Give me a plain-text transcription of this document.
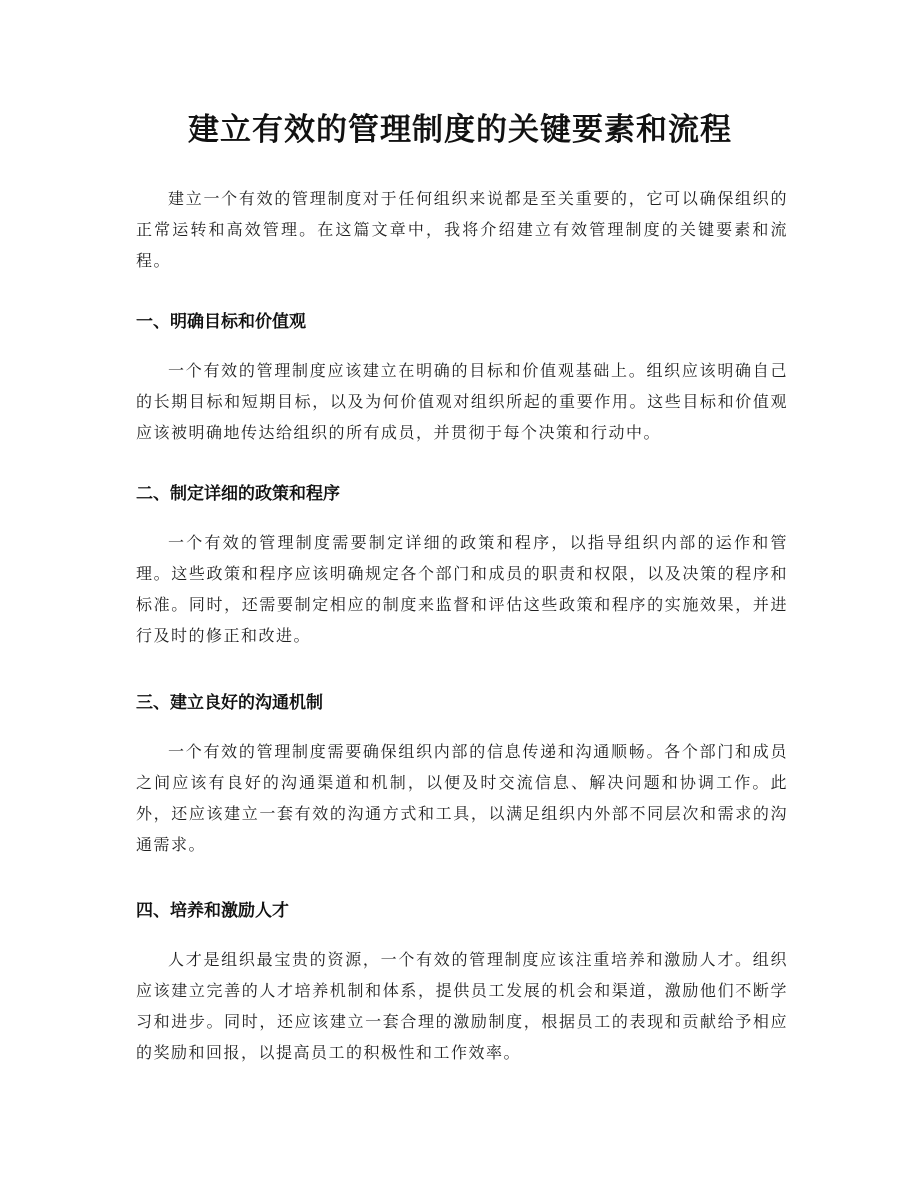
建立有效的管理制度的关键要素和流程
建立一个有效的管理制度对于任何组织来说都是至关重要的，它可以确保组织的正常运转和高效管理。在这篇文章中，我将介绍建立有效管理制度的关键要素和流程。
一、明确目标和价值观
一个有效的管理制度应该建立在明确的目标和价值观基础上。组织应该明确自己的长期目标和短期目标，以及为何价值观对组织所起的重要作用。这些目标和价值观应该被明确地传达给组织的所有成员，并贯彻于每个决策和行动中。
二、制定详细的政策和程序
一个有效的管理制度需要制定详细的政策和程序，以指导组织内部的运作和管理。这些政策和程序应该明确规定各个部门和成员的职责和权限，以及决策的程序和标准。同时，还需要制定相应的制度来监督和评估这些政策和程序的实施效果，并进行及时的修正和改进。
三、建立良好的沟通机制
一个有效的管理制度需要确保组织内部的信息传递和沟通顺畅。各个部门和成员之间应该有良好的沟通渠道和机制，以便及时交流信息、解决问题和协调工作。此外，还应该建立一套有效的沟通方式和工具，以满足组织内外部不同层次和需求的沟通需求。
四、培养和激励人才
人才是组织最宝贵的资源，一个有效的管理制度应该注重培养和激励人才。组织应该建立完善的人才培养机制和体系，提供员工发展的机会和渠道，激励他们不断学习和进步。同时，还应该建立一套合理的激励制度，根据员工的表现和贡献给予相应的奖励和回报，以提高员工的积极性和工作效率。
